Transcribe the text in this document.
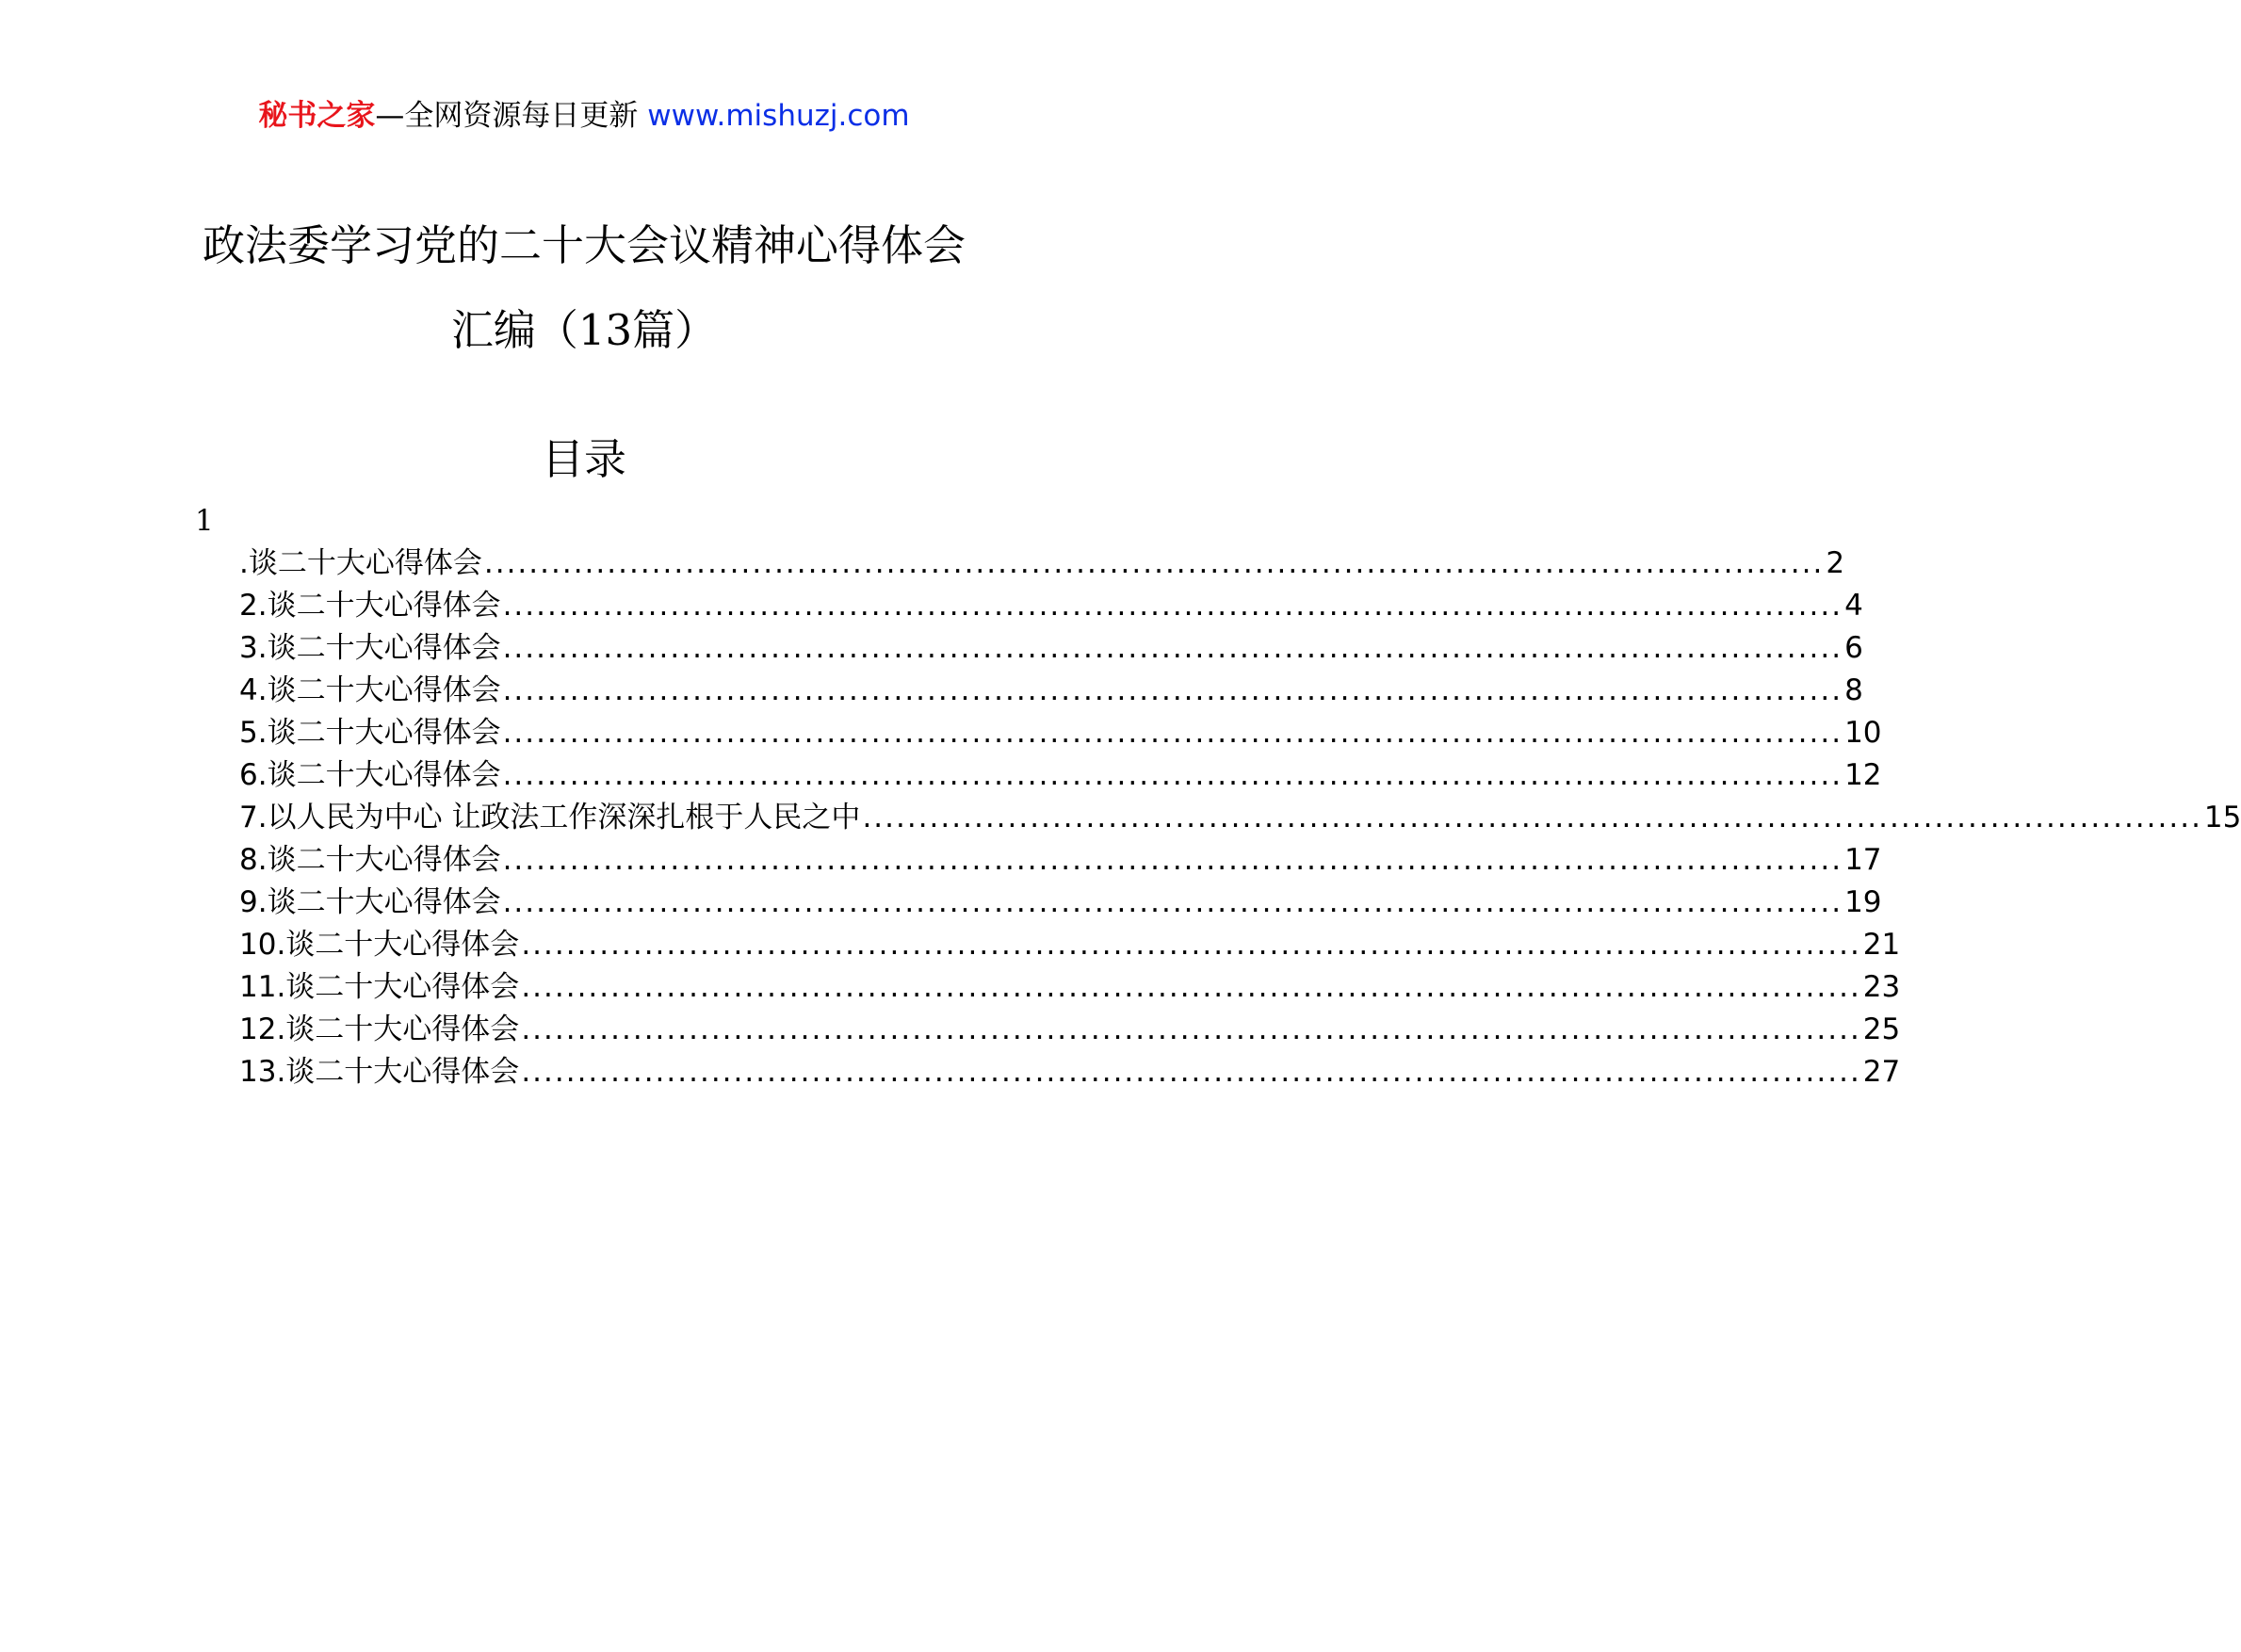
秘书之家—全网资源每日更新 www.mishuzj.com
政法委学习党的二十大会议精神心得体会
汇编（13篇）
目录
1
.谈二十大心得体会 ........................................................................................................................ 2
2.谈二十大心得体会 ........................................................................................................................ 4
3.谈二十大心得体会 ........................................................................................................................ 6
4.谈二十大心得体会 ........................................................................................................................ 8
5.谈二十大心得体会 ........................................................................................................................ 10
6.谈二十大心得体会 ........................................................................................................................ 12
7.以人民为中心 让政法工作深深扎根于人民之中 ........................................................................................................................ 15
8.谈二十大心得体会 ........................................................................................................................ 17
9.谈二十大心得体会 ........................................................................................................................ 19
10.谈二十大心得体会 ........................................................................................................................ 21
11.谈二十大心得体会 ........................................................................................................................ 23
12.谈二十大心得体会 ........................................................................................................................ 25
13.谈二十大心得体会 ........................................................................................................................ 27
